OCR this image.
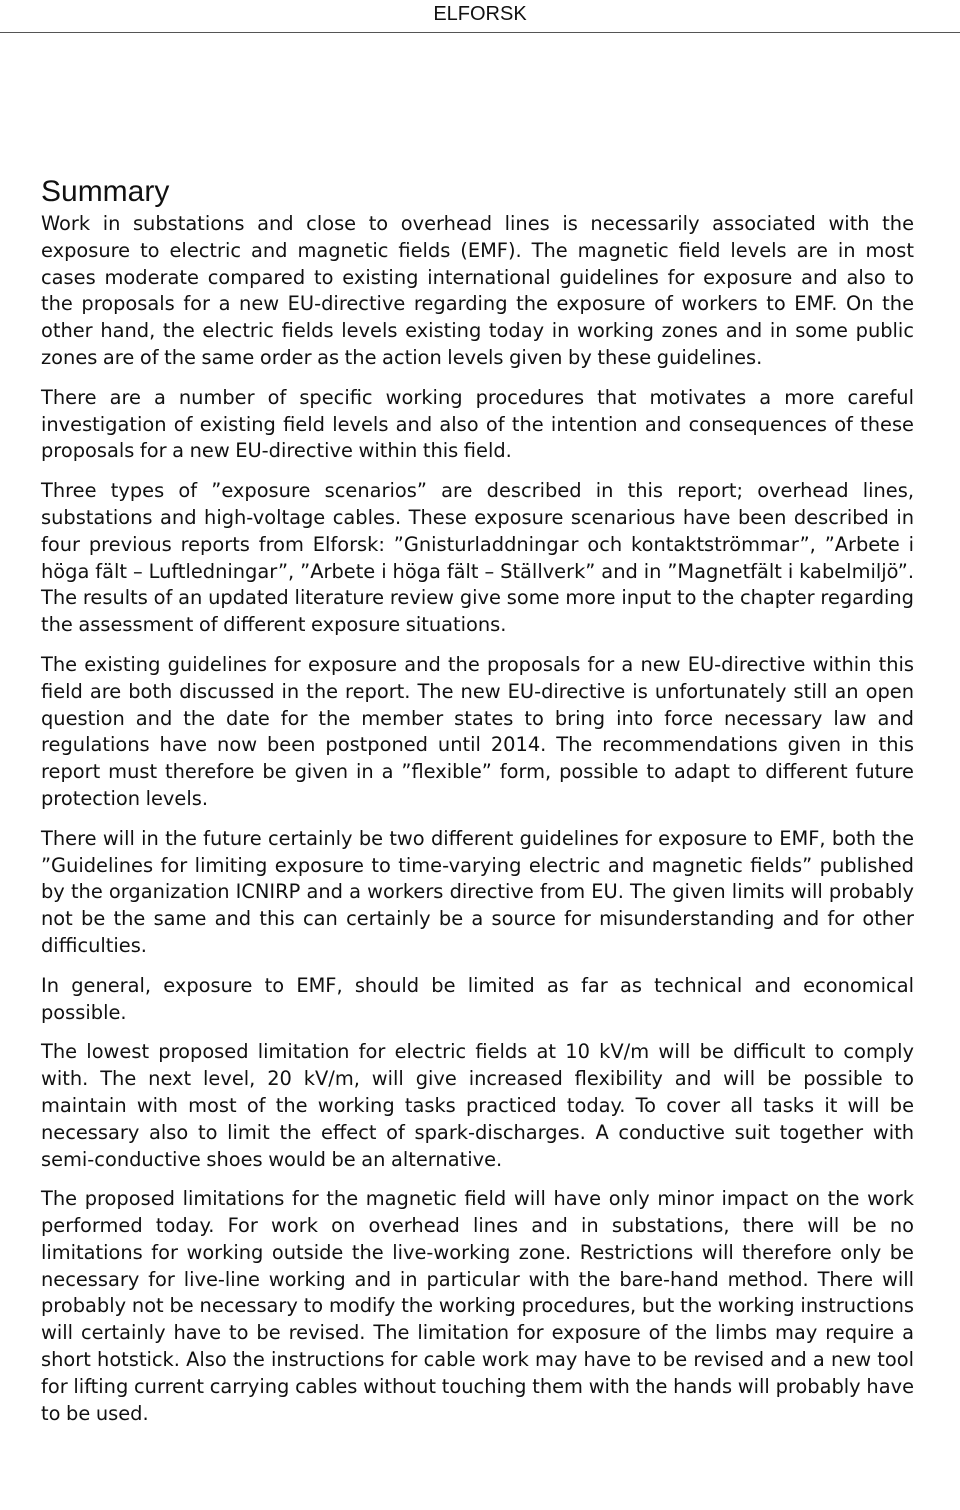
ELFORSK
Summary

Work in substations and close to overhead lines is necessarily associated with the exposure to electric and magnetic fields (EMF). The magnetic field levels are in most cases moderate compared to existing international guidelines for exposure and also to the proposals for a new EU-directive regarding the exposure of workers to EMF. On the other hand, the electric fields levels existing today in working zones and in some public zones are of the same order as the action levels given by these guidelines.

There are a number of specific working procedures that motivates a more careful investigation of existing field levels and also of the intention and consequences of these proposals for a new EU-directive within this field.

Three types of ”exposure scenarios” are described in this report; overhead lines, substations and high-voltage cables. These exposure scenarious have been described in four previous reports from Elforsk: ”Gnisturladdningar och kontaktströmmar”, ”Arbete i höga fält – Luftledningar”, ”Arbete i höga fält – Ställverk” and in ”Magnetfält i kabelmiljö”. The results of an updated literature review give some more input to the chapter regarding the assessment of different exposure situations.

The existing guidelines for exposure and the proposals for a new EU-directive within this field are both discussed in the report. The new EU-directive is unfortunately still an open question and the date for the member states to bring into force necessary law and regulations have now been postponed until 2014. The recommendations given in this report must therefore be given in a ”flexible” form, possible to adapt to different future protection levels.

There will in the future certainly be two different guidelines for exposure to EMF, both the ”Guidelines for limiting exposure to time-varying electric and magnetic fields” published by the organization ICNIRP and a workers directive from EU. The given limits will probably not be the same and this can certainly be a source for misunderstanding and for other difficulties.

In general, exposure to EMF, should be limited as far as technical and economical possible.

The lowest proposed limitation for electric fields at 10 kV/m will be difficult to comply with. The next level, 20 kV/m, will give increased flexibility and will be possible to maintain with most of the working tasks practiced today. To cover all tasks it will be necessary also to limit the effect of spark-discharges. A conductive suit together with semi-conductive shoes would be an alternative.

The proposed limitations for the magnetic field will have only minor impact on the work performed today. For work on overhead lines and in substations, there will be no limitations for working outside the live-working zone. Restrictions will therefore only be necessary for live-line working and in particular with the bare-hand method. There will probably not be necessary to modify the working procedures, but the working instructions will certainly have to be revised. The limitation for exposure of the limbs may require a short hotstick. Also the instructions for cable work may have to be revised and a new tool for lifting current carrying cables without touching them with the hands will probably have to be used.
